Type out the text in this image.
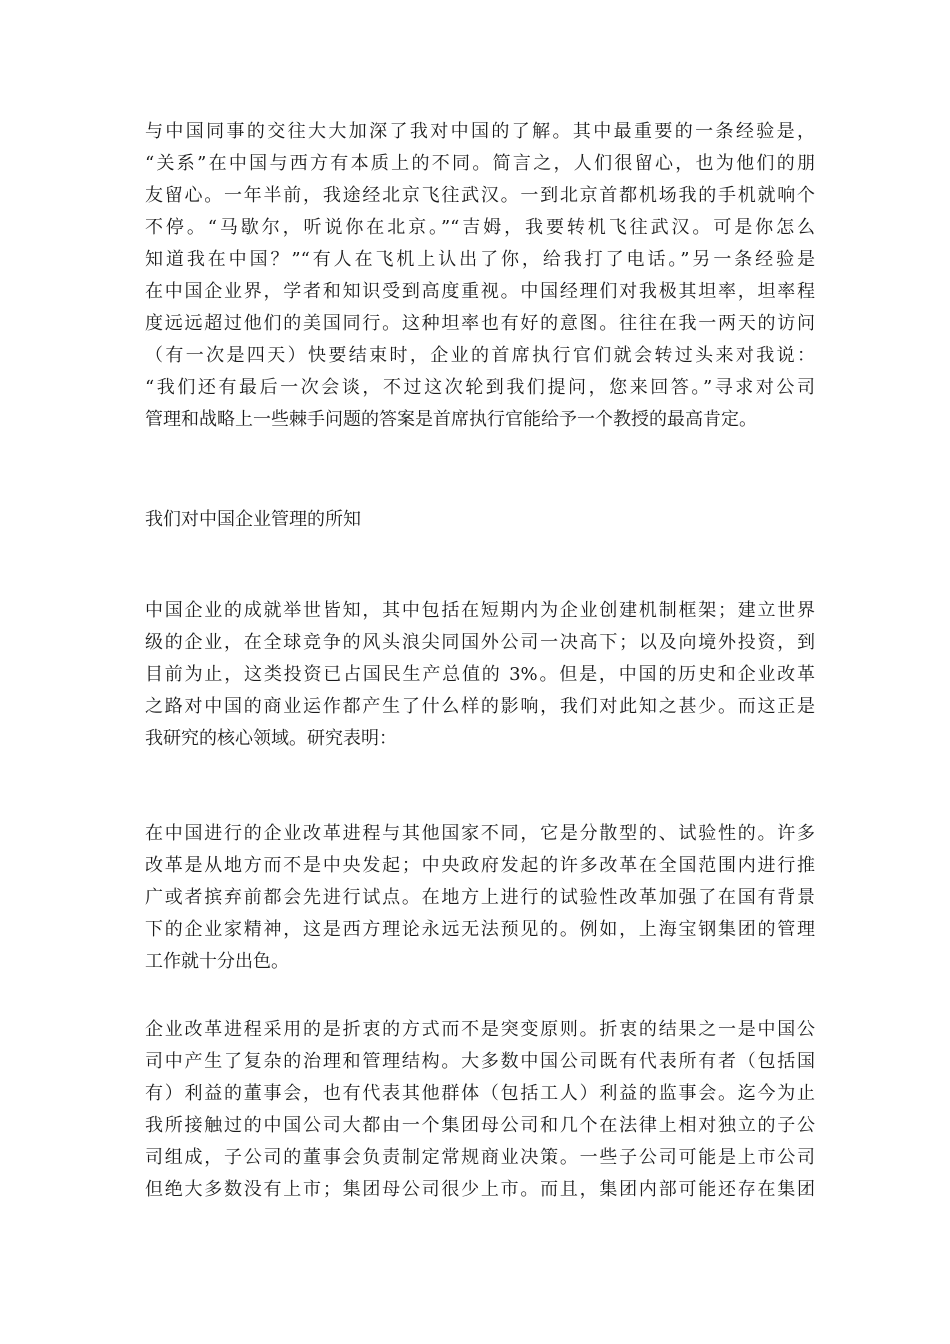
与中国同事的交往大大加深了我对中国的了解。其中最重要的一条经验是，

“关系”在中国与西方有本质上的不同。简言之，人们很留心，也为他们的朋

友留心。一年半前，我途经北京飞往武汉。一到北京首都机场我的手机就响个

不停。“马歇尔，听说你在北京。”“吉姆，我要转机飞往武汉。可是你怎么

知道我在中国？”“有人在飞机上认出了你，给我打了电话。”另一条经验是

在中国企业界，学者和知识受到高度重视。中国经理们对我极其坦率，坦率程

度远远超过他们的美国同行。这种坦率也有好的意图。往往在我一两天的访问

（有一次是四天）快要结束时，企业的首席执行官们就会转过头来对我说：

“我们还有最后一次会谈，不过这次轮到我们提问，您来回答。”寻求对公司

管理和战略上一些棘手问题的答案是首席执行官能给予一个教授的最高肯定。

我们对中国企业管理的所知

中国企业的成就举世皆知，其中包括在短期内为企业创建机制框架；建立世界

级的企业，在全球竞争的风头浪尖同国外公司一决高下；以及向境外投资，到

目前为止，这类投资已占国民生产总值的 3%。但是，中国的历史和企业改革

之路对中国的商业运作都产生了什么样的影响，我们对此知之甚少。而这正是

我研究的核心领域。研究表明：

在中国进行的企业改革进程与其他国家不同，它是分散型的、试验性的。许多

改革是从地方而不是中央发起；中央政府发起的许多改革在全国范围内进行推

广或者摈弃前都会先进行试点。在地方上进行的试验性改革加强了在国有背景

下的企业家精神，这是西方理论永远无法预见的。例如，上海宝钢集团的管理

工作就十分出色。

企业改革进程采用的是折衷的方式而不是突变原则。折衷的结果之一是中国公

司中产生了复杂的治理和管理结构。大多数中国公司既有代表所有者（包括国

有）利益的董事会，也有代表其他群体（包括工人）利益的监事会。迄今为止

我所接触过的中国公司大都由一个集团母公司和几个在法律上相对独立的子公

司组成，子公司的董事会负责制定常规商业决策。一些子公司可能是上市公司

但绝大多数没有上市；集团母公司很少上市。而且，集团内部可能还存在集团
